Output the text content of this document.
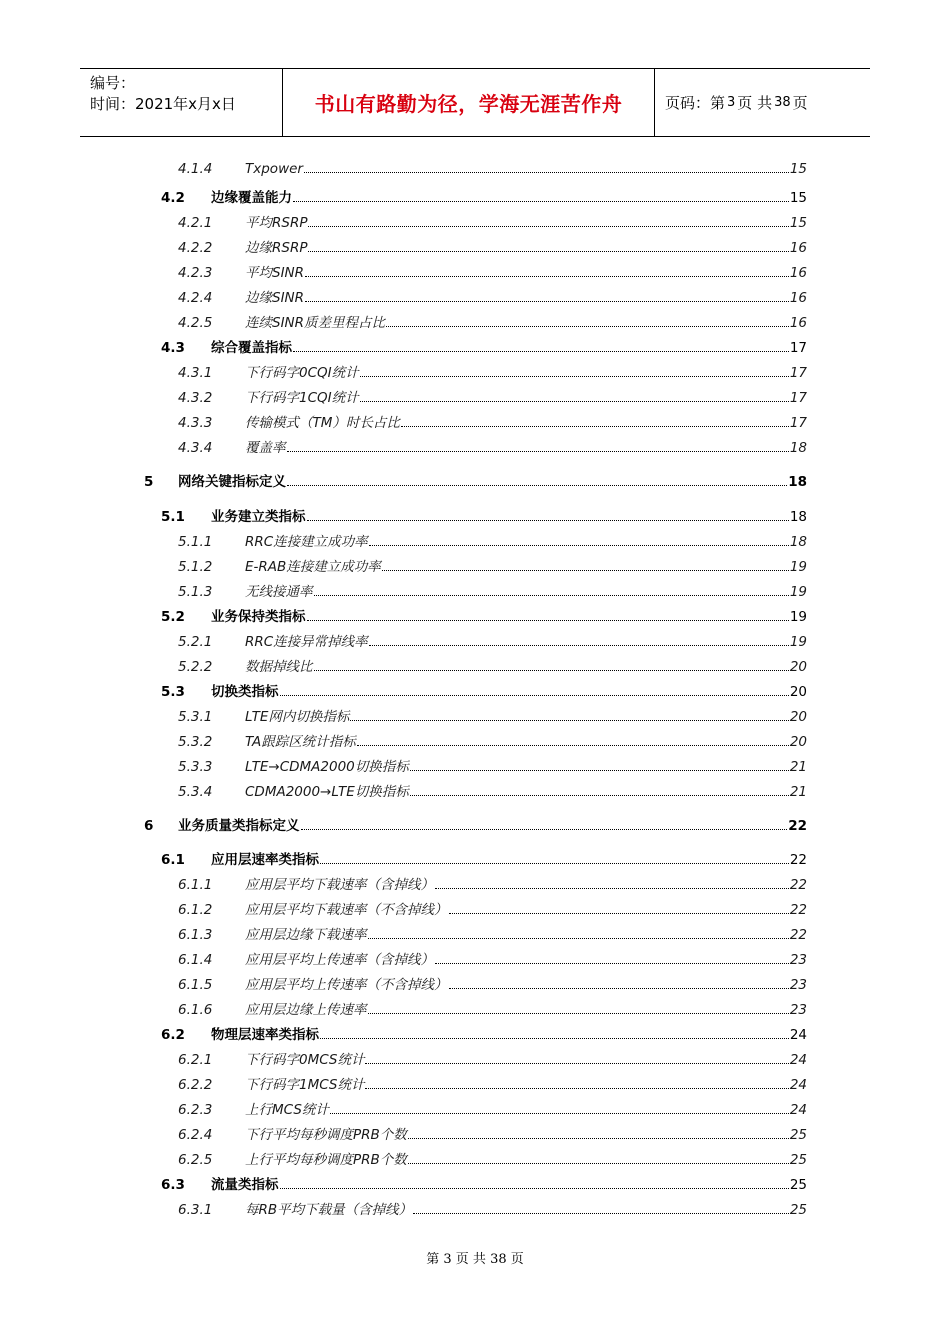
编号：
时间：2021年x月x日	书山有路勤为径，学海无涯苦作舟	页码：第 3 页 共 38 页
4.1.4	Txpower	15
4.2	边缘覆盖能力	15
4.2.1	平均RSRP	15
4.2.2	边缘RSRP	16
4.2.3	平均SINR	16
4.2.4	边缘SINR	16
4.2.5	连续SINR质差里程占比	16
4.3	综合覆盖指标	17
4.3.1	下行码字0CQI统计	17
4.3.2	下行码字1CQI统计	17
4.3.3	传输模式（TM）时长占比	17
4.3.4	覆盖率	18
5	网络关键指标定义	18
5.1	业务建立类指标	18
5.1.1	RRC连接建立成功率	18
5.1.2	E-RAB连接建立成功率	19
5.1.3	无线接通率	19
5.2	业务保持类指标	19
5.2.1	RRC连接异常掉线率	19
5.2.2	数据掉线比	20
5.3	切换类指标	20
5.3.1	LTE网内切换指标	20
5.3.2	TA跟踪区统计指标	20
5.3.3	LTE→CDMA2000切换指标	21
5.3.4	CDMA2000→LTE切换指标	21
6	业务质量类指标定义	22
6.1	应用层速率类指标	22
6.1.1	应用层平均下载速率（含掉线）	22
6.1.2	应用层平均下载速率（不含掉线）	22
6.1.3	应用层边缘下载速率	22
6.1.4	应用层平均上传速率（含掉线）	23
6.1.5	应用层平均上传速率（不含掉线）	23
6.1.6	应用层边缘上传速率	23
6.2	物理层速率类指标	24
6.2.1	下行码字0MCS统计	24
6.2.2	下行码字1MCS统计	24
6.2.3	上行MCS统计	24
6.2.4	下行平均每秒调度PRB个数	25
6.2.5	上行平均每秒调度PRB个数	25
6.3	流量类指标	25
6.3.1	每RB平均下载量（含掉线）	25
第 3 页 共 38 页
